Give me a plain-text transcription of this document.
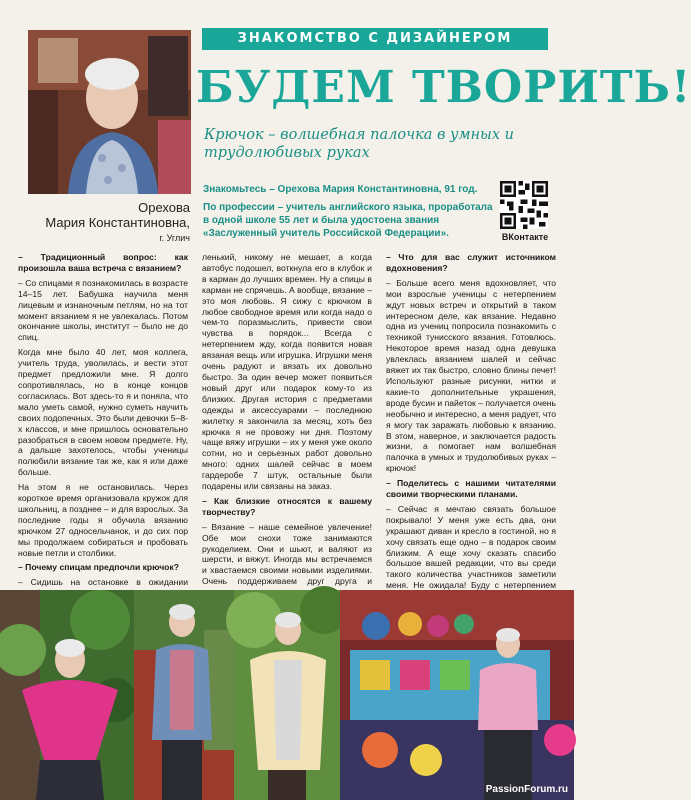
ЗНАКОМСТВО С ДИЗАЙНЕРОМ
БУДЕМ ТВОРИТЬ!
Крючок – волшебная палочка в умных и трудолюбивых руках
Орехова
Мария Константиновна,
г. Углич

Знакомьтесь – Орехова Мария Константиновна, 91 год.

По профессии – учитель английского языка, проработала в одной школе 55 лет и была удостоена звания «Заслуженный учитель Российской Федерации».	ВКонтакте

– Традиционный вопрос: как произошла ваша встреча с вязанием?

– Со спицами я познакомилась в возрасте 14–15 лет. Бабушка научила меня лицевым и изнаночным петлям, но на тот момент вязанием я не увлекалась. Потом окончание школы, институт – было не до спиц.

Когда мне было 40 лет, моя коллега, учитель труда, уволилась, и вести этот предмет предложили мне. Я долго сопротивлялась, но в конце концов согласилась. Вот здесь-то я и поняла, что мало уметь самой, нужно суметь научить своих подопечных. Это были девочки 5–8-х классов, и мне пришлось основательно разобраться в своем новом предмете. Ну, а дальше захотелось, чтобы ученицы полюбили вязание так же, как я или даже больше.

На этом я не остановилась. Через короткое время организовала кружок для школьниц, а позднее – и для взрослых. За последние годы я обучила вязанию крючком 27 одноcельчанок, и до сих пор мы продолжаем собираться и пробовать новые петли и столбики.

– Почему спицам предпочли крючок?

– Сидишь на остановке в ожидании

ленький, никому не мешает, а когда автобус подошел, воткнула его в клубок и в карман до лучших времен. Ну а спицы в карман не спрячешь. А вообще, вязание – это моя любовь. Я сижу с крючком в любое свободное время или когда надо о чем-то поразмыслить, привести свои чувства в порядок... Всегда с нетерпением жду, когда появится новая вязаная вещь или игрушка. Игрушки меня очень радуют и вязать их довольно быстро. За один вечер может появиться новый друг или подарок кому-то из близких. Другая история с предметами одежды и аксессуарами – последнюю жилетку я закончила за месяц, хоть без крючка я не провожу ни дня. Поэтому чаще вяжу игрушки – их у меня уже около сотни, но и серьезных работ довольно много: одних шалей сейчас в моем гардеробе 7 штук, остальные были подарены или связаны на заказ.

– Как близкие относятся к вашему творчеству?

– Вязание – наше семейное увлечение! Обе мои снохи тоже занимаются рукоделием. Они и шьют, и валяют из шерсти, и вяжут. Иногда мы встречаемся и хвастаемся своими новыми изделиями. Очень поддерживаем друг друга и

– Что для вас служит источником вдохновения?

– Больше всего меня вдохновляет, что мои взрослые ученицы с нетерпением ждут новых встреч и открытий в таком интересном деле, как вязание. Недавно одна из учениц попросила познакомить с техникой тунисского вязания. Готовлюсь. Некоторое время назад одна девушка увлеклась вязанием шалей и сейчас вяжет их так быстро, словно блины печет! Используют разные рисунки, нитки и какие-то дополнительные украшения, вроде бусин и пайеток – получается очень необычно и интересно, а меня радует, что я могу так заражать любовью к вязанию. В этом, наверное, и заключается радость жизни, а помогает нам волшебная палочка в умных и трудолюбивых руках – крючок!

– Поделитесь с нашими читателями своими творческими планами.

– Сейчас я мечтаю связать большое покрывало! У меня уже есть два, они украшают диван и кресло в гостиной, но я хочу связать еще одно – в подарок своим близким. А еще хочу сказать спасибо большое вашей редакции, что вы среди такого количества участников заметили меня. Не ожидала! Буду с нетерпением

PassionForum.ru
